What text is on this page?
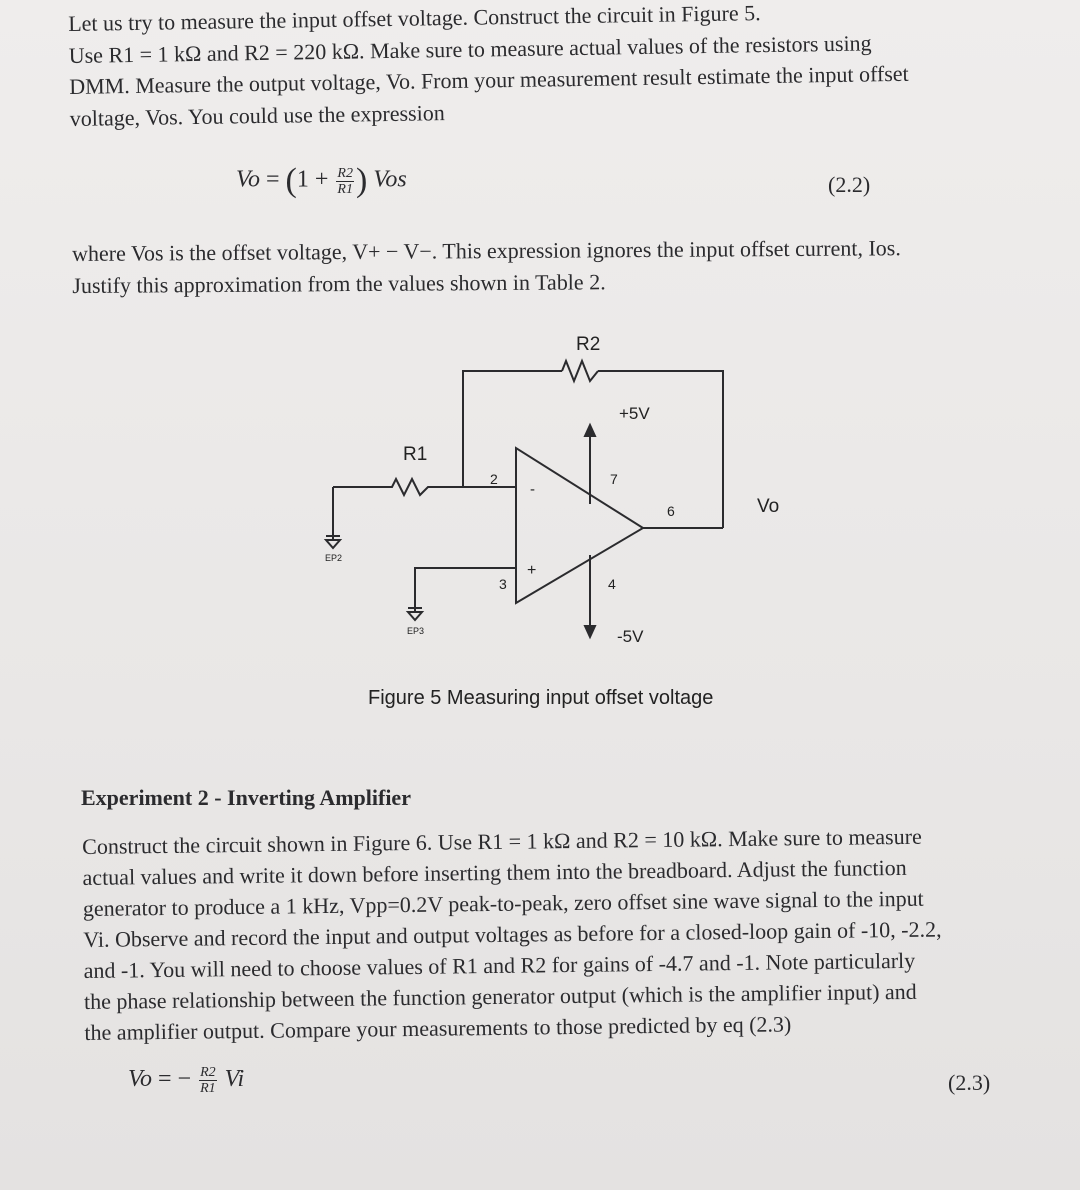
Let us try to measure the input offset voltage. Construct the circuit in Figure 5.
Use R1 = 1 kΩ and R2 = 220 kΩ. Make sure to measure actual values of the resistors using
DMM. Measure the output voltage, Vo. From your measurement result estimate the input offset
voltage, Vos. You could use the expression
$Vo = (1 + \frac{R2}{R1}$ ) Vos	(2.2)
where Vos is the offset voltage, V+ − V−. This expression ignores the input offset current, Ios.
Justify this approximation from the values shown in Table 2.
R2
R1
+5V
-5V
2
3
7
4
6
-
+
Vo
EP2
EP3
Figure 5 Measuring input offset voltage
Experiment 2 - Inverting Amplifier
Construct the circuit shown in Figure 6. Use R1 = 1 kΩ and R2 = 10 kΩ. Make sure to measure
actual values and write it down before inserting them into the breadboard. Adjust the function
generator to produce a 1 kHz, Vpp=0.2V peak-to-peak, zero offset sine wave signal to the input
Vi. Observe and record the input and output voltages as before for a closed-loop gain of -10, -2.2,
and -1. You will need to choose values of R1 and R2 for gains of -4.7 and -1. Note particularly
the phase relationship between the function generator output (which is the amplifier input) and
the amplifier output. Compare your measurements to those predicted by eq (2.3)
Vo = − $\frac{R2}{R1}$ Vi	(2.3)
